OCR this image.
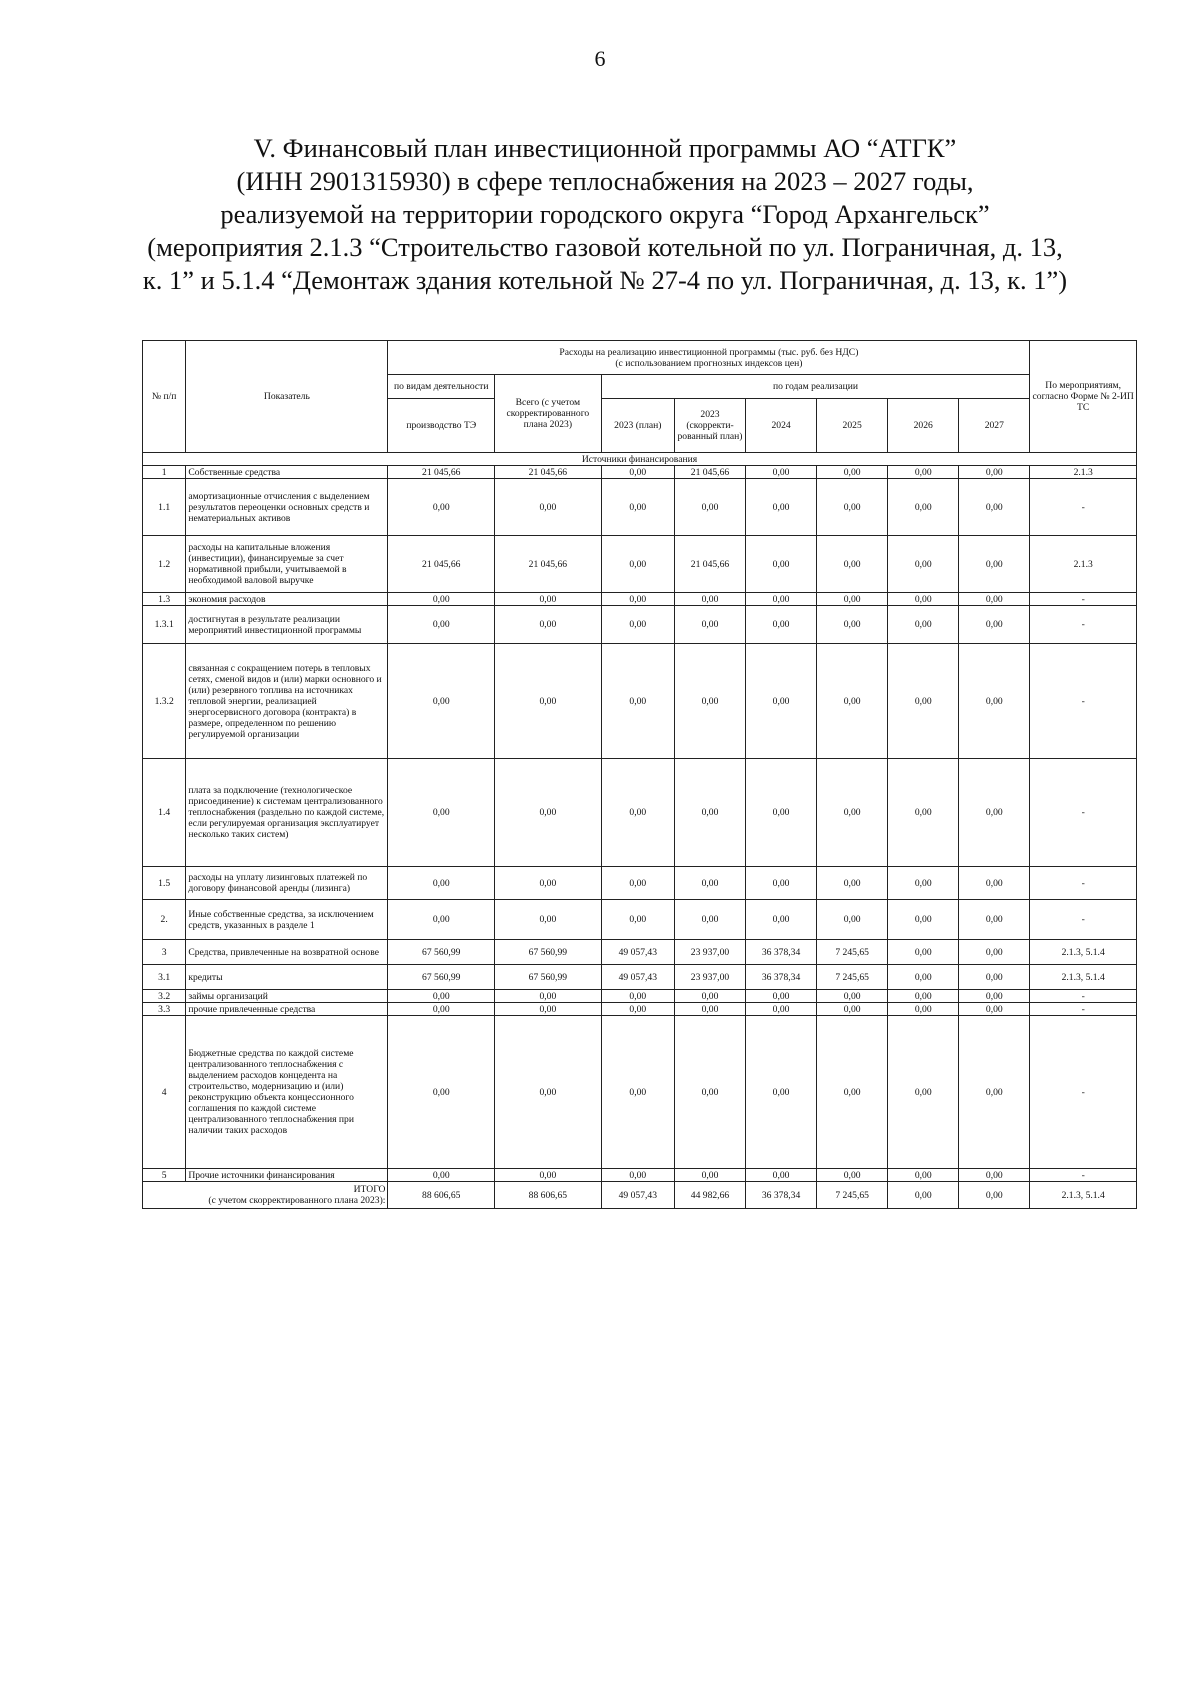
6
V. Финансовый план инвестиционной программы АО “АТГК”
(ИНН 2901315930) в сфере теплоснабжения на 2023 – 2027 годы,
реализуемой на территории городского округа “Город Архангельск”
(мероприятия 2.1.3 “Строительство газовой котельной по ул. Пограничная, д. 13,
к. 1” и 5.1.4 “Демонтаж здания котельной № 27-4 по ул. Пограничная, д. 13, к. 1”)
№ п/п	Показатель	Расходы на реализацию инвестиционной программы (тыс. руб. без НДС)
(с использованием прогнозных индексов цен)								По мероприятиям, согласно Форме № 2-ИП ТС
		по видам деятельности	Всего (с учетом скорректированного плана 2023)	по годам реализации						
		производство ТЭ		2023 (план)	2023 (скорректи-рованный план)	2024	2025	2026	2027	
Источники финансирования										
1	Собственные средства	21 045,66	21 045,66	0,00	21 045,66	0,00	0,00	0,00	0,00	2.1.3
1.1	амортизационные отчисления с выделением результатов переоценки основных средств и нематериальных активов	0,00	0,00	0,00	0,00	0,00	0,00	0,00	0,00	-
1.2	расходы на капитальные вложения (инвестиции), финансируемые за счет нормативной прибыли, учитываемой в необходимой валовой выручке	21 045,66	21 045,66	0,00	21 045,66	0,00	0,00	0,00	0,00	2.1.3
1.3	экономия расходов	0,00	0,00	0,00	0,00	0,00	0,00	0,00	0,00	-
1.3.1	достигнутая в результате реализации мероприятий инвестиционной программы	0,00	0,00	0,00	0,00	0,00	0,00	0,00	0,00	-
1.3.2	связанная с сокращением потерь в тепловых сетях, сменой видов и (или) марки основного и (или) резервного топлива на источниках тепловой энергии, реализацией энергосервисного договора (контракта) в размере, определенном по решению регулируемой организации	0,00	0,00	0,00	0,00	0,00	0,00	0,00	0,00	-
1.4	плата за подключение (технологическое присоединение) к системам централизованного теплоснабжения (раздельно по каждой системе, если регулируемая организация эксплуатирует несколько таких систем)	0,00	0,00	0,00	0,00	0,00	0,00	0,00	0,00	-
1.5	расходы на уплату лизинговых платежей по договору финансовой аренды (лизинга)	0,00	0,00	0,00	0,00	0,00	0,00	0,00	0,00	-
2.	Иные собственные средства, за исключением средств, указанных в разделе 1	0,00	0,00	0,00	0,00	0,00	0,00	0,00	0,00	-
3	Средства, привлеченные на возвратной основе	67 560,99	67 560,99	49 057,43	23 937,00	36 378,34	7 245,65	0,00	0,00	2.1.3, 5.1.4
3.1	кредиты	67 560,99	67 560,99	49 057,43	23 937,00	36 378,34	7 245,65	0,00	0,00	2.1.3, 5.1.4
3.2	займы организаций	0,00	0,00	0,00	0,00	0,00	0,00	0,00	0,00	-
3.3	прочие привлеченные средства	0,00	0,00	0,00	0,00	0,00	0,00	0,00	0,00	-
4	Бюджетные средства по каждой системе централизованного теплоснабжения с выделением расходов концедента на строительство, модернизацию и (или) реконструкцию объекта концессионного соглашения по каждой системе централизованного теплоснабжения при наличии таких расходов	0,00	0,00	0,00	0,00	0,00	0,00	0,00	0,00	-
5	Прочие источники финансирования	0,00	0,00	0,00	0,00	0,00	0,00	0,00	0,00	-

ИТОГО
(с учетом скорректированного плана 2023):		88 606,65	88 606,65	49 057,43	44 982,66	36 378,34	7 245,65	0,00	0,00	2.1.3, 5.1.4
